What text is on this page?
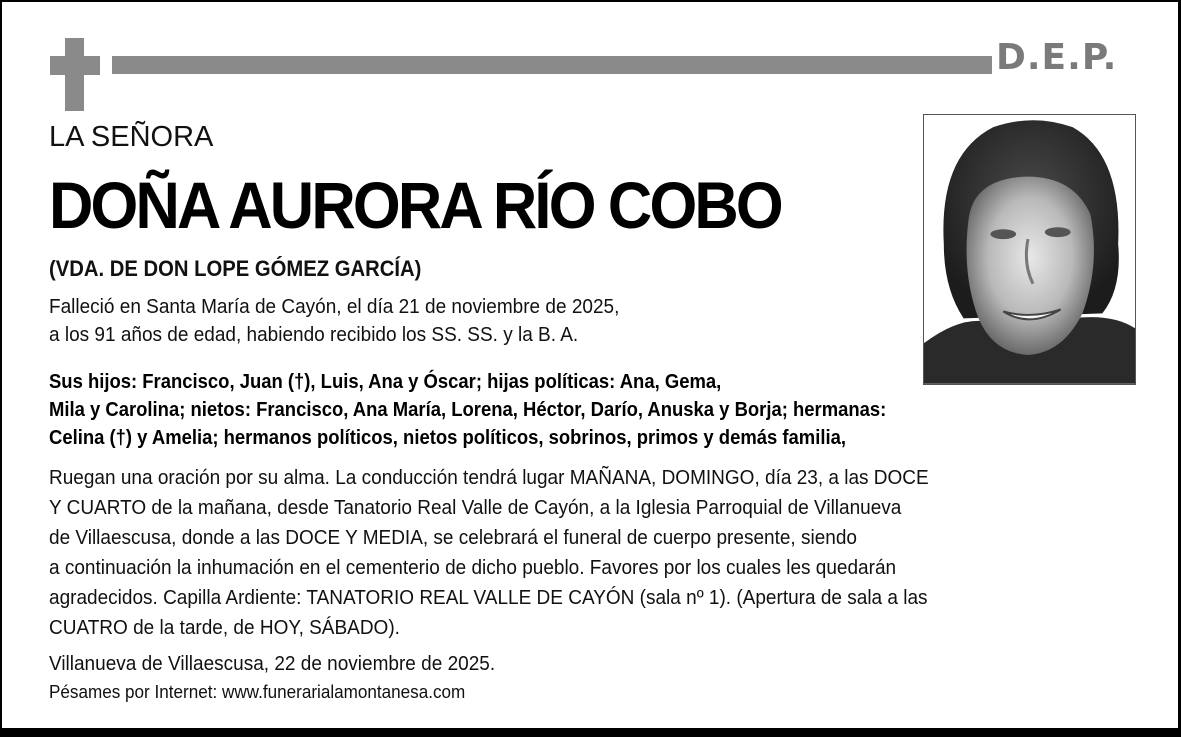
D.E.P.
LA SEÑORA
DOÑA AURORA RÍO COBO
(VDA. DE DON LOPE GÓMEZ GARCÍA)
Falleció en Santa María de Cayón, el día 21 de noviembre de 2025,
a los 91 años de edad, habiendo recibido los SS. SS. y la B. A.
Sus hijos: Francisco, Juan (†), Luis, Ana y Óscar; hijas políticas: Ana, Gema,
Mila y Carolina; nietos: Francisco, Ana María, Lorena, Héctor, Darío, Anuska y Borja; hermanas:
Celina (†) y Amelia; hermanos políticos, nietos políticos, sobrinos, primos y demás familia,
Ruegan una oración por su alma. La conducción tendrá lugar MAÑANA, DOMINGO, día 23, a las DOCE
Y CUARTO de la mañana, desde Tanatorio Real Valle de Cayón, a la Iglesia Parroquial de Villanueva
de Villaescusa, donde a las DOCE Y MEDIA, se celebrará el funeral de cuerpo presente, siendo
a continuación la inhumación en el cementerio de dicho pueblo. Favores por los cuales les quedarán
agradecidos. Capilla Ardiente: TANATORIO REAL VALLE DE CAYÓN (sala nº 1). (Apertura de sala a las
CUATRO de la tarde, de HOY, SÁBADO).
Villanueva de Villaescusa, 22 de noviembre de 2025.
Pésames por Internet: www.funerarialamontanesa.com
